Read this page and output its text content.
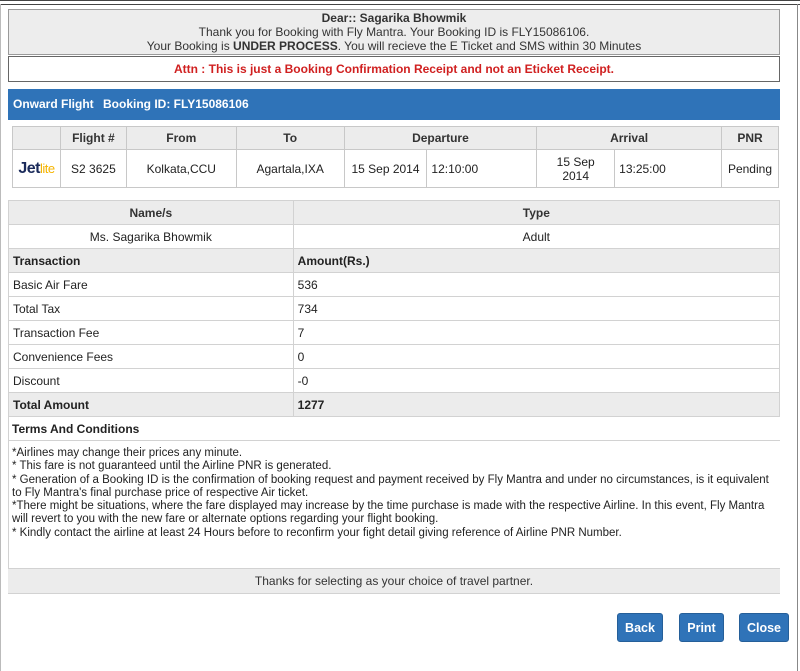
Dear:: Sagarika Bhowmik
Thank you for Booking with Fly Mantra. Your Booking ID is FLY15086106.
Your Booking is UNDER PROCESS. You will recieve the E Ticket and SMS within 30 Minutes
Attn : This is just a Booking Confirmation Receipt and not an Eticket Receipt.
Onward Flight Booking ID: FLY15086106
	Flight #	From	To	Departure		Arrival		PNR
Jetlite	S2 3625	Kolkata,CCU	Agartala,IXA	15 Sep 2014	12:10:00	15 Sep 2014	13:25:00	Pending
Name/s	Type
Ms. Sagarika Bhowmik	Adult
Transaction	Amount(Rs.)
Basic Air Fare	536
Total Tax	734
Transaction Fee	7
Convenience Fees	0
Discount	-0
Total Amount	1277
Terms And Conditions
*Airlines may change their prices any minute.
* This fare is not guaranteed until the Airline PNR is generated.
* Generation of a Booking ID is the confirmation of booking request and payment received by Fly Mantra and under no circumstances, is it equivalent to Fly Mantra's final purchase price of respective Air ticket.
*There might be situations, where the fare displayed may increase by the time purchase is made with the respective Airline. In this event, Fly Mantra will revert to you with the new fare or alternate options regarding your flight booking.
* Kindly contact the airline at least 24 Hours before to reconfirm your fight detail giving reference of Airline PNR Number.
Thanks for selecting as your choice of travel partner.
Back	Print	Close
